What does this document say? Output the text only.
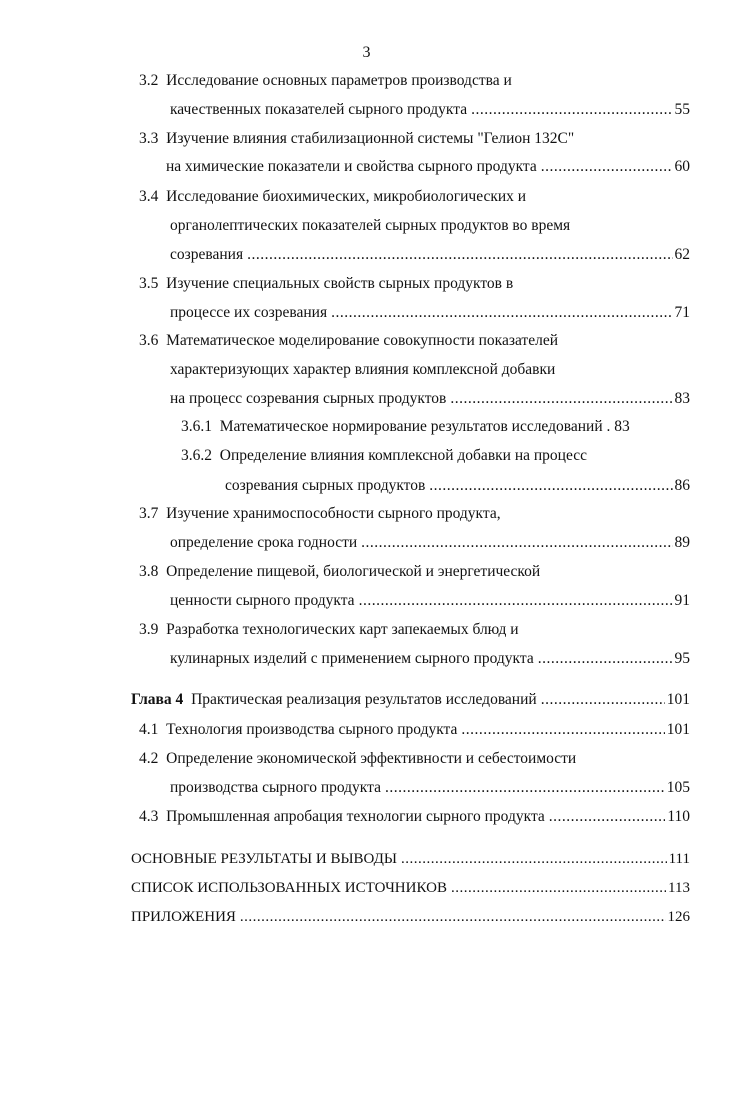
3
3.2 Исследование основных параметров производства и
качественных показателей сырного продукта .....	55
3.3 Изучение влияния стабилизационной системы "Гелион 132С"
на химические показатели и свойства сырного продукта .....	60
3.4 Исследование биохимических, микробиологических и
органолептических показателей сырных продуктов во время
созревания .....	62
3.5 Изучение специальных свойств сырных продуктов в
процессе их созревания .....	71
3.6 Математическое моделирование совокупности показателей
характеризующих характер влияния комплексной добавки
на процесс созревания сырных продуктов .....	83
3.6.1 Математическое нормирование результатов исследований . 83
3.6.2 Определение влияния комплексной добавки на процесс
созревания сырных продуктов .....	86
3.7 Изучение хранимоспособности сырного продукта,
определение срока годности .....	89
3.8 Определение пищевой, биологической и энергетической
ценности сырного продукта .....	91
3.9 Разработка технологических карт запекаемых блюд и
кулинарных изделий с применением сырного продукта .....	95
Глава 4 Практическая реализация результатов исследований .....	101
4.1 Технология производства сырного продукта .....	101
4.2 Определение экономической эффективности и себестоимости
производства сырного продукта .....	105
4.3 Промышленная апробация технологии сырного продукта .....	110
ОСНОВНЫЕ РЕЗУЛЬТАТЫ И ВЫВОДЫ .....	111
СПИСОК ИСПОЛЬЗОВАННЫХ ИСТОЧНИКОВ .....	113
ПРИЛОЖЕНИЯ .....	126
